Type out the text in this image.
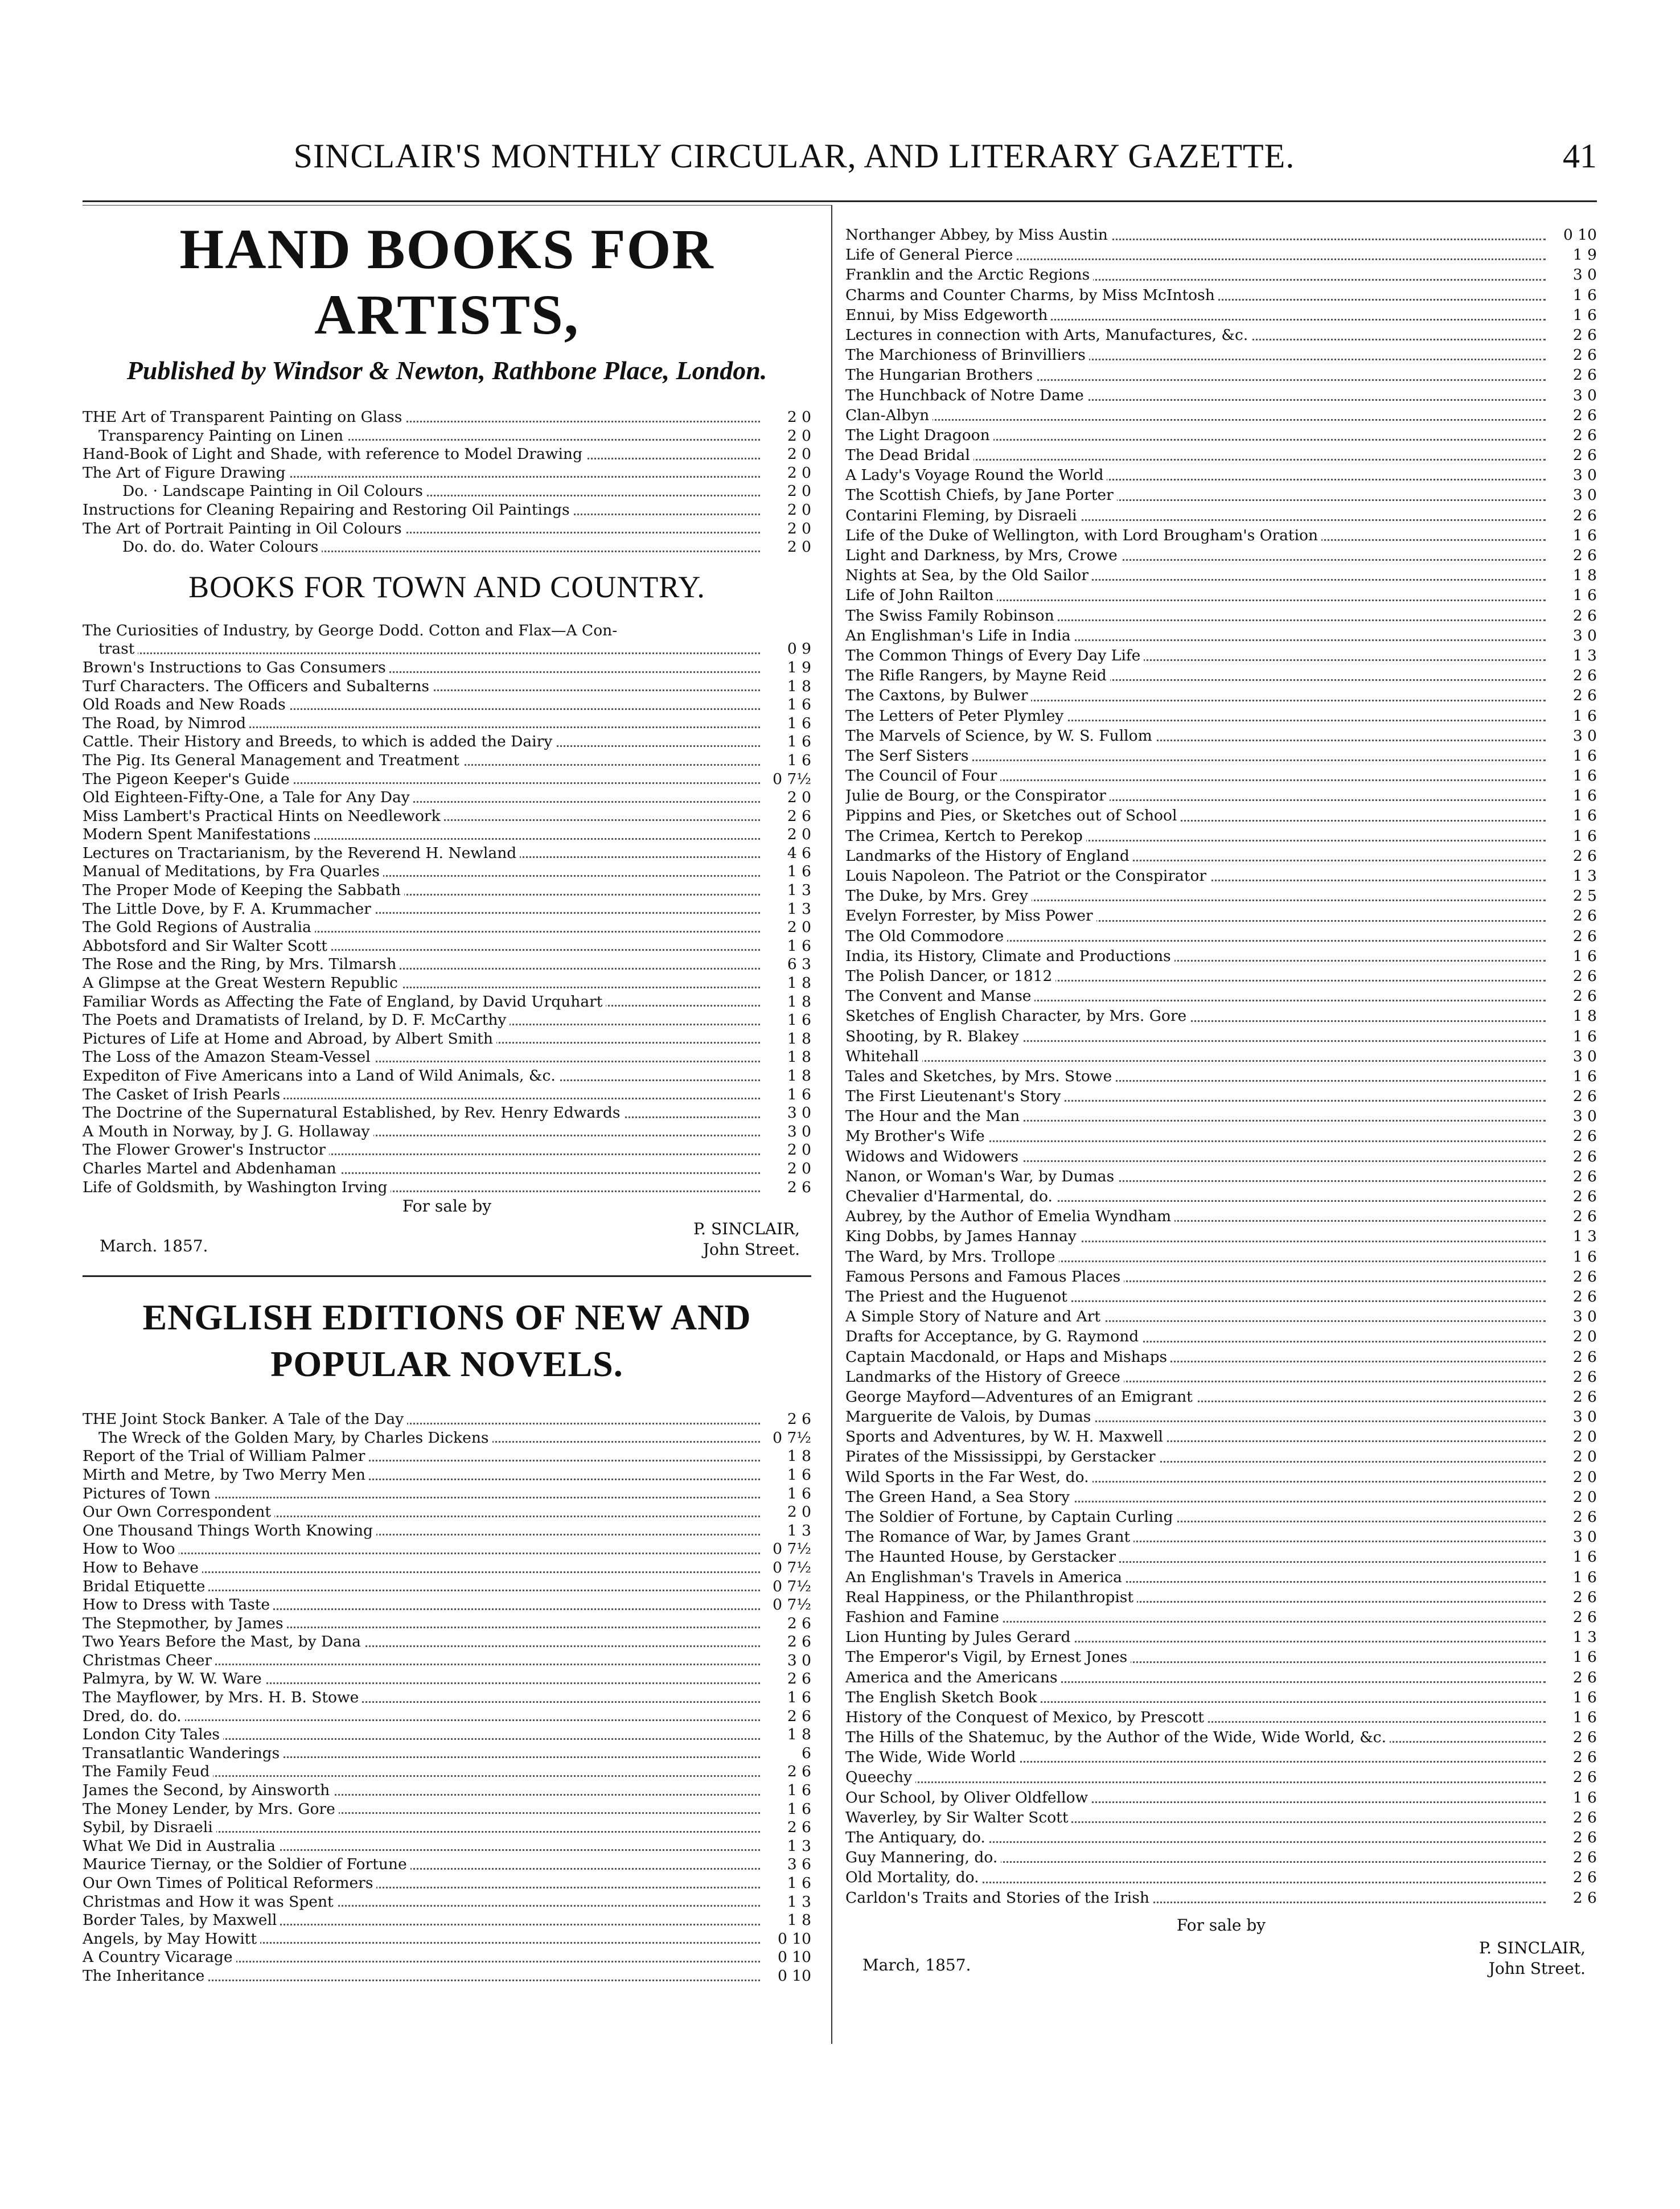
SINCLAIR'S MONTHLY CIRCULAR, AND LITERARY GAZETTE.	41
HAND BOOKS FOR ARTISTS,
Published by Windsor & Newton, Rathbone Place, London.
THE Art of Transparent Painting on Glass	2 0
Transparency Painting on Linen	2 0
Hand-Book of Light and Shade, with reference to Model Drawing	2 0
The Art of Figure Drawing	2 0
Do. · Landscape Painting in Oil Colours	2 0
Instructions for Cleaning Repairing and Restoring Oil Paintings	2 0
The Art of Portrait Painting in Oil Colours	2 0
Do. do. do. Water Colours	2 0
BOOKS FOR TOWN AND COUNTRY.
The Curiosities of Industry, by George Dodd. Cotton and Flax—A Con-
trast	0 9
Brown's Instructions to Gas Consumers	1 9
Turf Characters. The Officers and Subalterns	1 8
Old Roads and New Roads	1 6
The Road, by Nimrod	1 6
Cattle. Their History and Breeds, to which is added the Dairy	1 6
The Pig. Its General Management and Treatment	1 6
The Pigeon Keeper's Guide	0 7½
Old Eighteen-Fifty-One, a Tale for Any Day	2 0
Miss Lambert's Practical Hints on Needlework	2 6
Modern Spent Manifestations	2 0
Lectures on Tractarianism, by the Reverend H. Newland	4 6
Manual of Meditations, by Fra Quarles	1 6
The Proper Mode of Keeping the Sabbath	1 3
The Little Dove, by F. A. Krummacher	1 3
The Gold Regions of Australia	2 0
Abbotsford and Sir Walter Scott	1 6
The Rose and the Ring, by Mrs. Tilmarsh	6 3
A Glimpse at the Great Western Republic	1 8
Familiar Words as Affecting the Fate of England, by David Urquhart	1 8
The Poets and Dramatists of Ireland, by D. F. McCarthy	1 6
Pictures of Life at Home and Abroad, by Albert Smith	1 8
The Loss of the Amazon Steam-Vessel	1 8
Expediton of Five Americans into a Land of Wild Animals, &c.	1 8
The Casket of Irish Pearls	1 6
The Doctrine of the Supernatural Established, by Rev. Henry Edwards	3 0
A Mouth in Norway, by J. G. Hollaway	3 0
The Flower Grower's Instructor	2 0
Charles Martel and Abdenhaman	2 0
Life of Goldsmith, by Washington Irving	2 6
For sale by
March. 1857.
P. SINCLAIR,
John Street.
ENGLISH EDITIONS OF NEW AND
POPULAR NOVELS.
THE Joint Stock Banker. A Tale of the Day	2 6
The Wreck of the Golden Mary, by Charles Dickens	0 7½
Report of the Trial of William Palmer	1 8
Mirth and Metre, by Two Merry Men	1 6
Pictures of Town	1 6
Our Own Correspondent	2 0
One Thousand Things Worth Knowing	1 3
How to Woo	0 7½
How to Behave	0 7½
Bridal Etiquette	0 7½
How to Dress with Taste	0 7½
The Stepmother, by James	2 6
Two Years Before the Mast, by Dana	2 6
Christmas Cheer	3 0
Palmyra, by W. W. Ware	2 6
The Mayflower, by Mrs. H. B. Stowe	1 6
Dred, do. do.	2 6
London City Tales	1 8
Transatlantic Wanderings	6
The Family Feud	2 6
James the Second, by Ainsworth	1 6
The Money Lender, by Mrs. Gore	1 6
Sybil, by Disraeli	2 6
What We Did in Australia	1 3
Maurice Tiernay, or the Soldier of Fortune	3 6
Our Own Times of Political Reformers	1 6
Christmas and How it was Spent	1 3
Border Tales, by Maxwell	1 8
Angels, by May Howitt	0 10
A Country Vicarage	0 10
The Inheritance	0 10
Northanger Abbey, by Miss Austin	0 10
Life of General Pierce	1 9
Franklin and the Arctic Regions	3 0
Charms and Counter Charms, by Miss McIntosh	1 6
Ennui, by Miss Edgeworth	1 6
Lectures in connection with Arts, Manufactures, &c.	2 6
The Marchioness of Brinvilliers	2 6
The Hungarian Brothers	2 6
The Hunchback of Notre Dame	3 0
Clan-Albyn	2 6
The Light Dragoon	2 6
The Dead Bridal	2 6
A Lady's Voyage Round the World	3 0
The Scottish Chiefs, by Jane Porter	3 0
Contarini Fleming, by Disraeli	2 6
Life of the Duke of Wellington, with Lord Brougham's Oration	1 6
Light and Darkness, by Mrs, Crowe	2 6
Nights at Sea, by the Old Sailor	1 8
Life of John Railton	1 6
The Swiss Family Robinson	2 6
An Englishman's Life in India	3 0
The Common Things of Every Day Life	1 3
The Rifle Rangers, by Mayne Reid	2 6
The Caxtons, by Bulwer	2 6
The Letters of Peter Plymley	1 6
The Marvels of Science, by W. S. Fullom	3 0
The Serf Sisters	1 6
The Council of Four	1 6
Julie de Bourg, or the Conspirator	1 6
Pippins and Pies, or Sketches out of School	1 6
The Crimea, Kertch to Perekop	1 6
Landmarks of the History of England	2 6
Louis Napoleon. The Patriot or the Conspirator	1 3
The Duke, by Mrs. Grey	2 5
Evelyn Forrester, by Miss Power	2 6
The Old Commodore	2 6
India, its History, Climate and Productions	1 6
The Polish Dancer, or 1812	2 6
The Convent and Manse	2 6
Sketches of English Character, by Mrs. Gore	1 8
Shooting, by R. Blakey	1 6
Whitehall	3 0
Tales and Sketches, by Mrs. Stowe	1 6
The First Lieutenant's Story	2 6
The Hour and the Man	3 0
My Brother's Wife	2 6
Widows and Widowers	2 6
Nanon, or Woman's War, by Dumas	2 6
Chevalier d'Harmental, do.	2 6
Aubrey, by the Author of Emelia Wyndham	2 6
King Dobbs, by James Hannay	1 3
The Ward, by Mrs. Trollope	1 6
Famous Persons and Famous Places	2 6
The Priest and the Huguenot	2 6
A Simple Story of Nature and Art	3 0
Drafts for Acceptance, by G. Raymond	2 0
Captain Macdonald, or Haps and Mishaps	2 6
Landmarks of the History of Greece	2 6
George Mayford—Adventures of an Emigrant	2 6
Marguerite de Valois, by Dumas	3 0
Sports and Adventures, by W. H. Maxwell	2 0
Pirates of the Mississippi, by Gerstacker	2 0
Wild Sports in the Far West, do.	2 0
The Green Hand, a Sea Story	2 0
The Soldier of Fortune, by Captain Curling	2 6
The Romance of War, by James Grant	3 0
The Haunted House, by Gerstacker	1 6
An Englishman's Travels in America	1 6
Real Happiness, or the Philanthropist	2 6
Fashion and Famine	2 6
Lion Hunting by Jules Gerard	1 3
The Emperor's Vigil, by Ernest Jones	1 6
America and the Americans	2 6
The English Sketch Book	1 6
History of the Conquest of Mexico, by Prescott	1 6
The Hills of the Shatemuc, by the Author of the Wide, Wide World, &c.	2 6
The Wide, Wide World	2 6
Queechy	2 6
Our School, by Oliver Oldfellow	1 6
Waverley, by Sir Walter Scott	2 6
The Antiquary, do.	2 6
Guy Mannering, do.	2 6
Old Mortality, do.	2 6
Carldon's Traits and Stories of the Irish	2 6
For sale by
March, 1857.
P. SINCLAIR,
John Street.
